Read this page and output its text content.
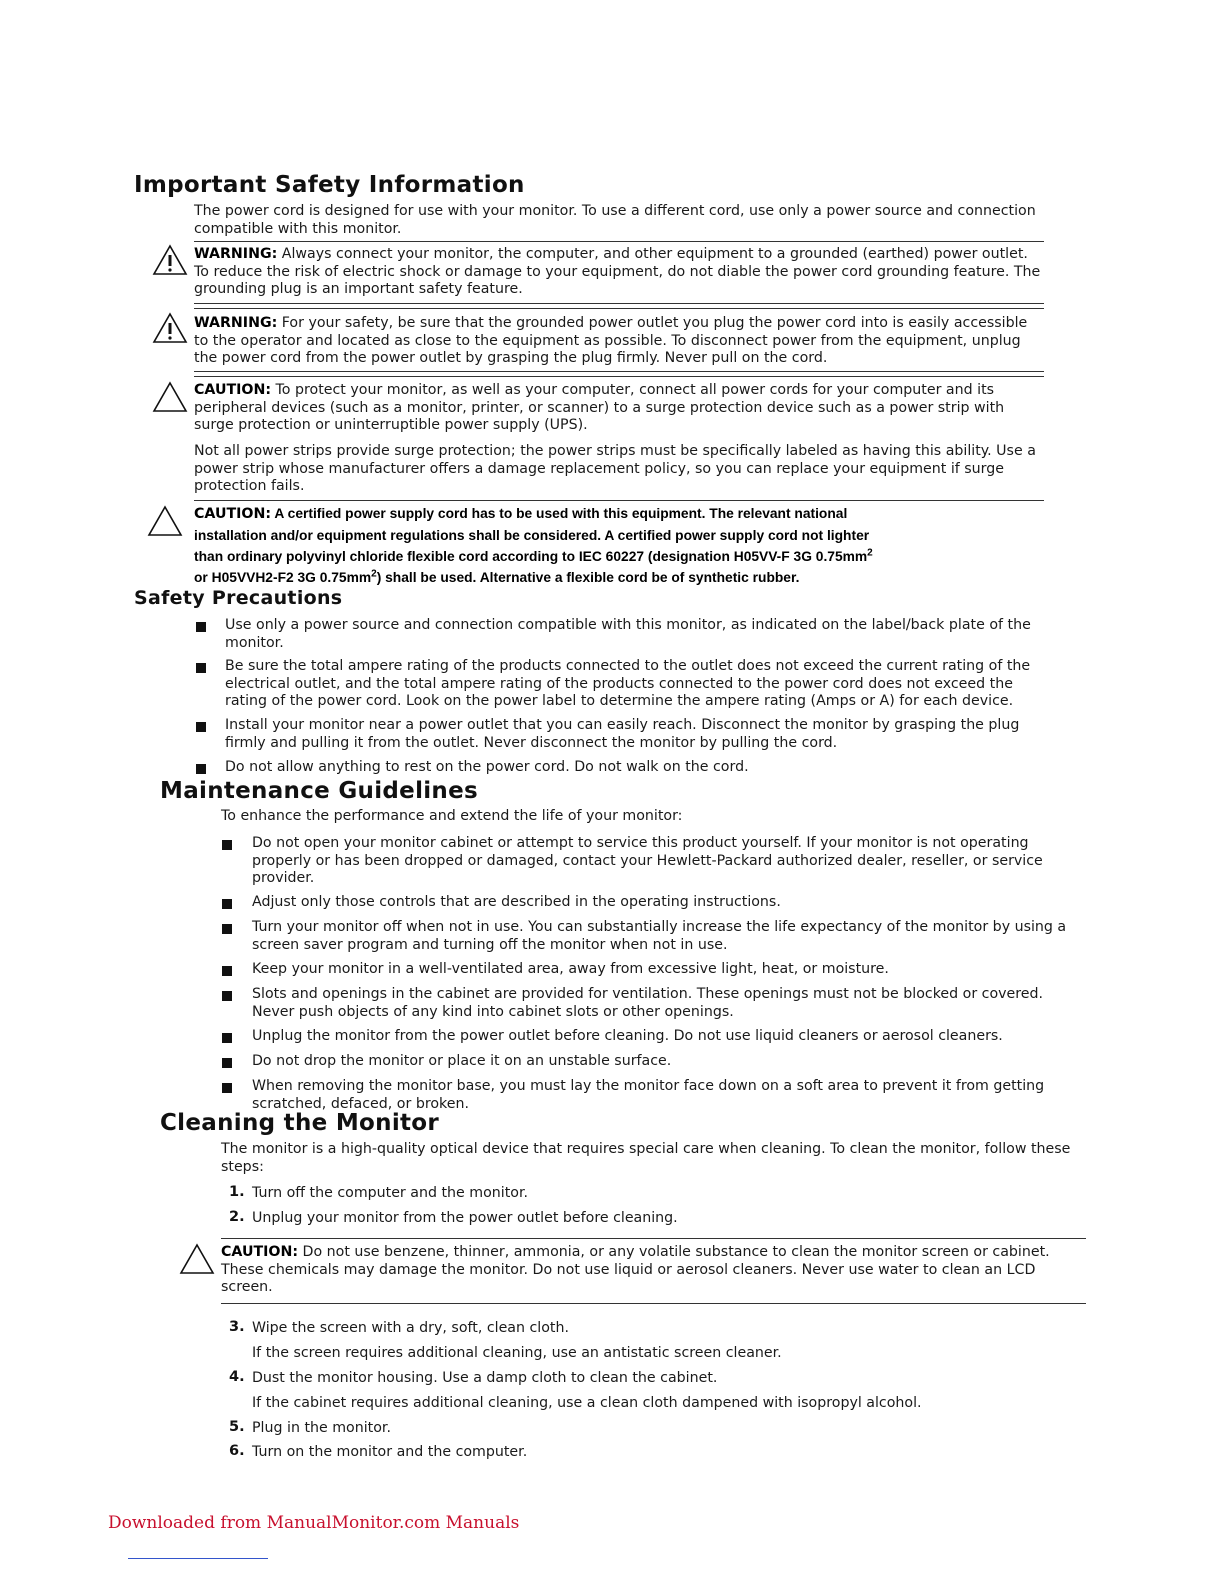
Important Safety Information
The power cord is designed for use with your monitor. To use a different cord, use only a power source and connection compatible with this monitor.
WARNING: Always connect your monitor, the computer, and other equipment to a grounded (earthed) power outlet. To reduce the risk of electric shock or damage to your equipment, do not diable the power cord grounding feature. The grounding plug is an important safety feature.
WARNING: For your safety, be sure that the grounded power outlet you plug the power cord into is easily accessible to the operator and located as close to the equipment as possible. To disconnect power from the equipment, unplug the power cord from the power outlet by grasping the plug firmly. Never pull on the cord.
CAUTION: To protect your monitor, as well as your computer, connect all power cords for your computer and its peripheral devices (such as a monitor, printer, or scanner) to a surge protection device such as a power strip with surge protection or uninterruptible power supply (UPS).
Not all power strips provide surge protection; the power strips must be specifically labeled as having this ability. Use a power strip whose manufacturer offers a damage replacement policy, so you can replace your equipment if surge protection fails.
CAUTION: A certified power supply cord has to be used with this equipment. The relevant national
installation and/or equipment regulations shall be considered. A certified power supply cord not lighter
than ordinary polyvinyl chloride flexible cord according to IEC 60227 (designation H05VV-F 3G $0.75mm^2$
or H05VVH2-F2 3G $0.75mm^2$) shall be used. Alternative a flexible cord be of synthetic rubber.
Safety Precautions
Use only a power source and connection compatible with this monitor, as indicated on the label/back plate of the monitor.
Be sure the total ampere rating of the products connected to the outlet does not exceed the current rating of the electrical outlet, and the total ampere rating of the products connected to the power cord does not exceed the rating of the power cord. Look on the power label to determine the ampere rating (Amps or A) for each device.
Install your monitor near a power outlet that you can easily reach. Disconnect the monitor by grasping the plug firmly and pulling it from the outlet. Never disconnect the monitor by pulling the cord.
Do not allow anything to rest on the power cord. Do not walk on the cord.
Maintenance Guidelines
To enhance the performance and extend the life of your monitor:
Do not open your monitor cabinet or attempt to service this product yourself. If your monitor is not operating properly or has been dropped or damaged, contact your Hewlett-Packard authorized dealer, reseller, or service provider.
Adjust only those controls that are described in the operating instructions.
Turn your monitor off when not in use. You can substantially increase the life expectancy of the monitor by using a screen saver program and turning off the monitor when not in use.
Keep your monitor in a well-ventilated area, away from excessive light, heat, or moisture.
Slots and openings in the cabinet are provided for ventilation. These openings must not be blocked or covered. Never push objects of any kind into cabinet slots or other openings.
Unplug the monitor from the power outlet before cleaning. Do not use liquid cleaners or aerosol cleaners.
Do not drop the monitor or place it on an unstable surface.
When removing the monitor base, you must lay the monitor face down on a soft area to prevent it from getting scratched, defaced, or broken.
Cleaning the Monitor
The monitor is a high-quality optical device that requires special care when cleaning. To clean the monitor, follow these steps:
1. Turn off the computer and the monitor.
2. Unplug your monitor from the power outlet before cleaning.
CAUTION: Do not use benzene, thinner, ammonia, or any volatile substance to clean the monitor screen or cabinet. These chemicals may damage the monitor. Do not use liquid or aerosol cleaners. Never use water to clean an LCD screen.
3. Wipe the screen with a dry, soft, clean cloth.
If the screen requires additional cleaning, use an antistatic screen cleaner.
4. Dust the monitor housing. Use a damp cloth to clean the cabinet.
If the cabinet requires additional cleaning, use a clean cloth dampened with isopropyl alcohol.
5. Plug in the monitor.
6. Turn on the monitor and the computer.
Downloaded from ManualMonitor.com Manuals
